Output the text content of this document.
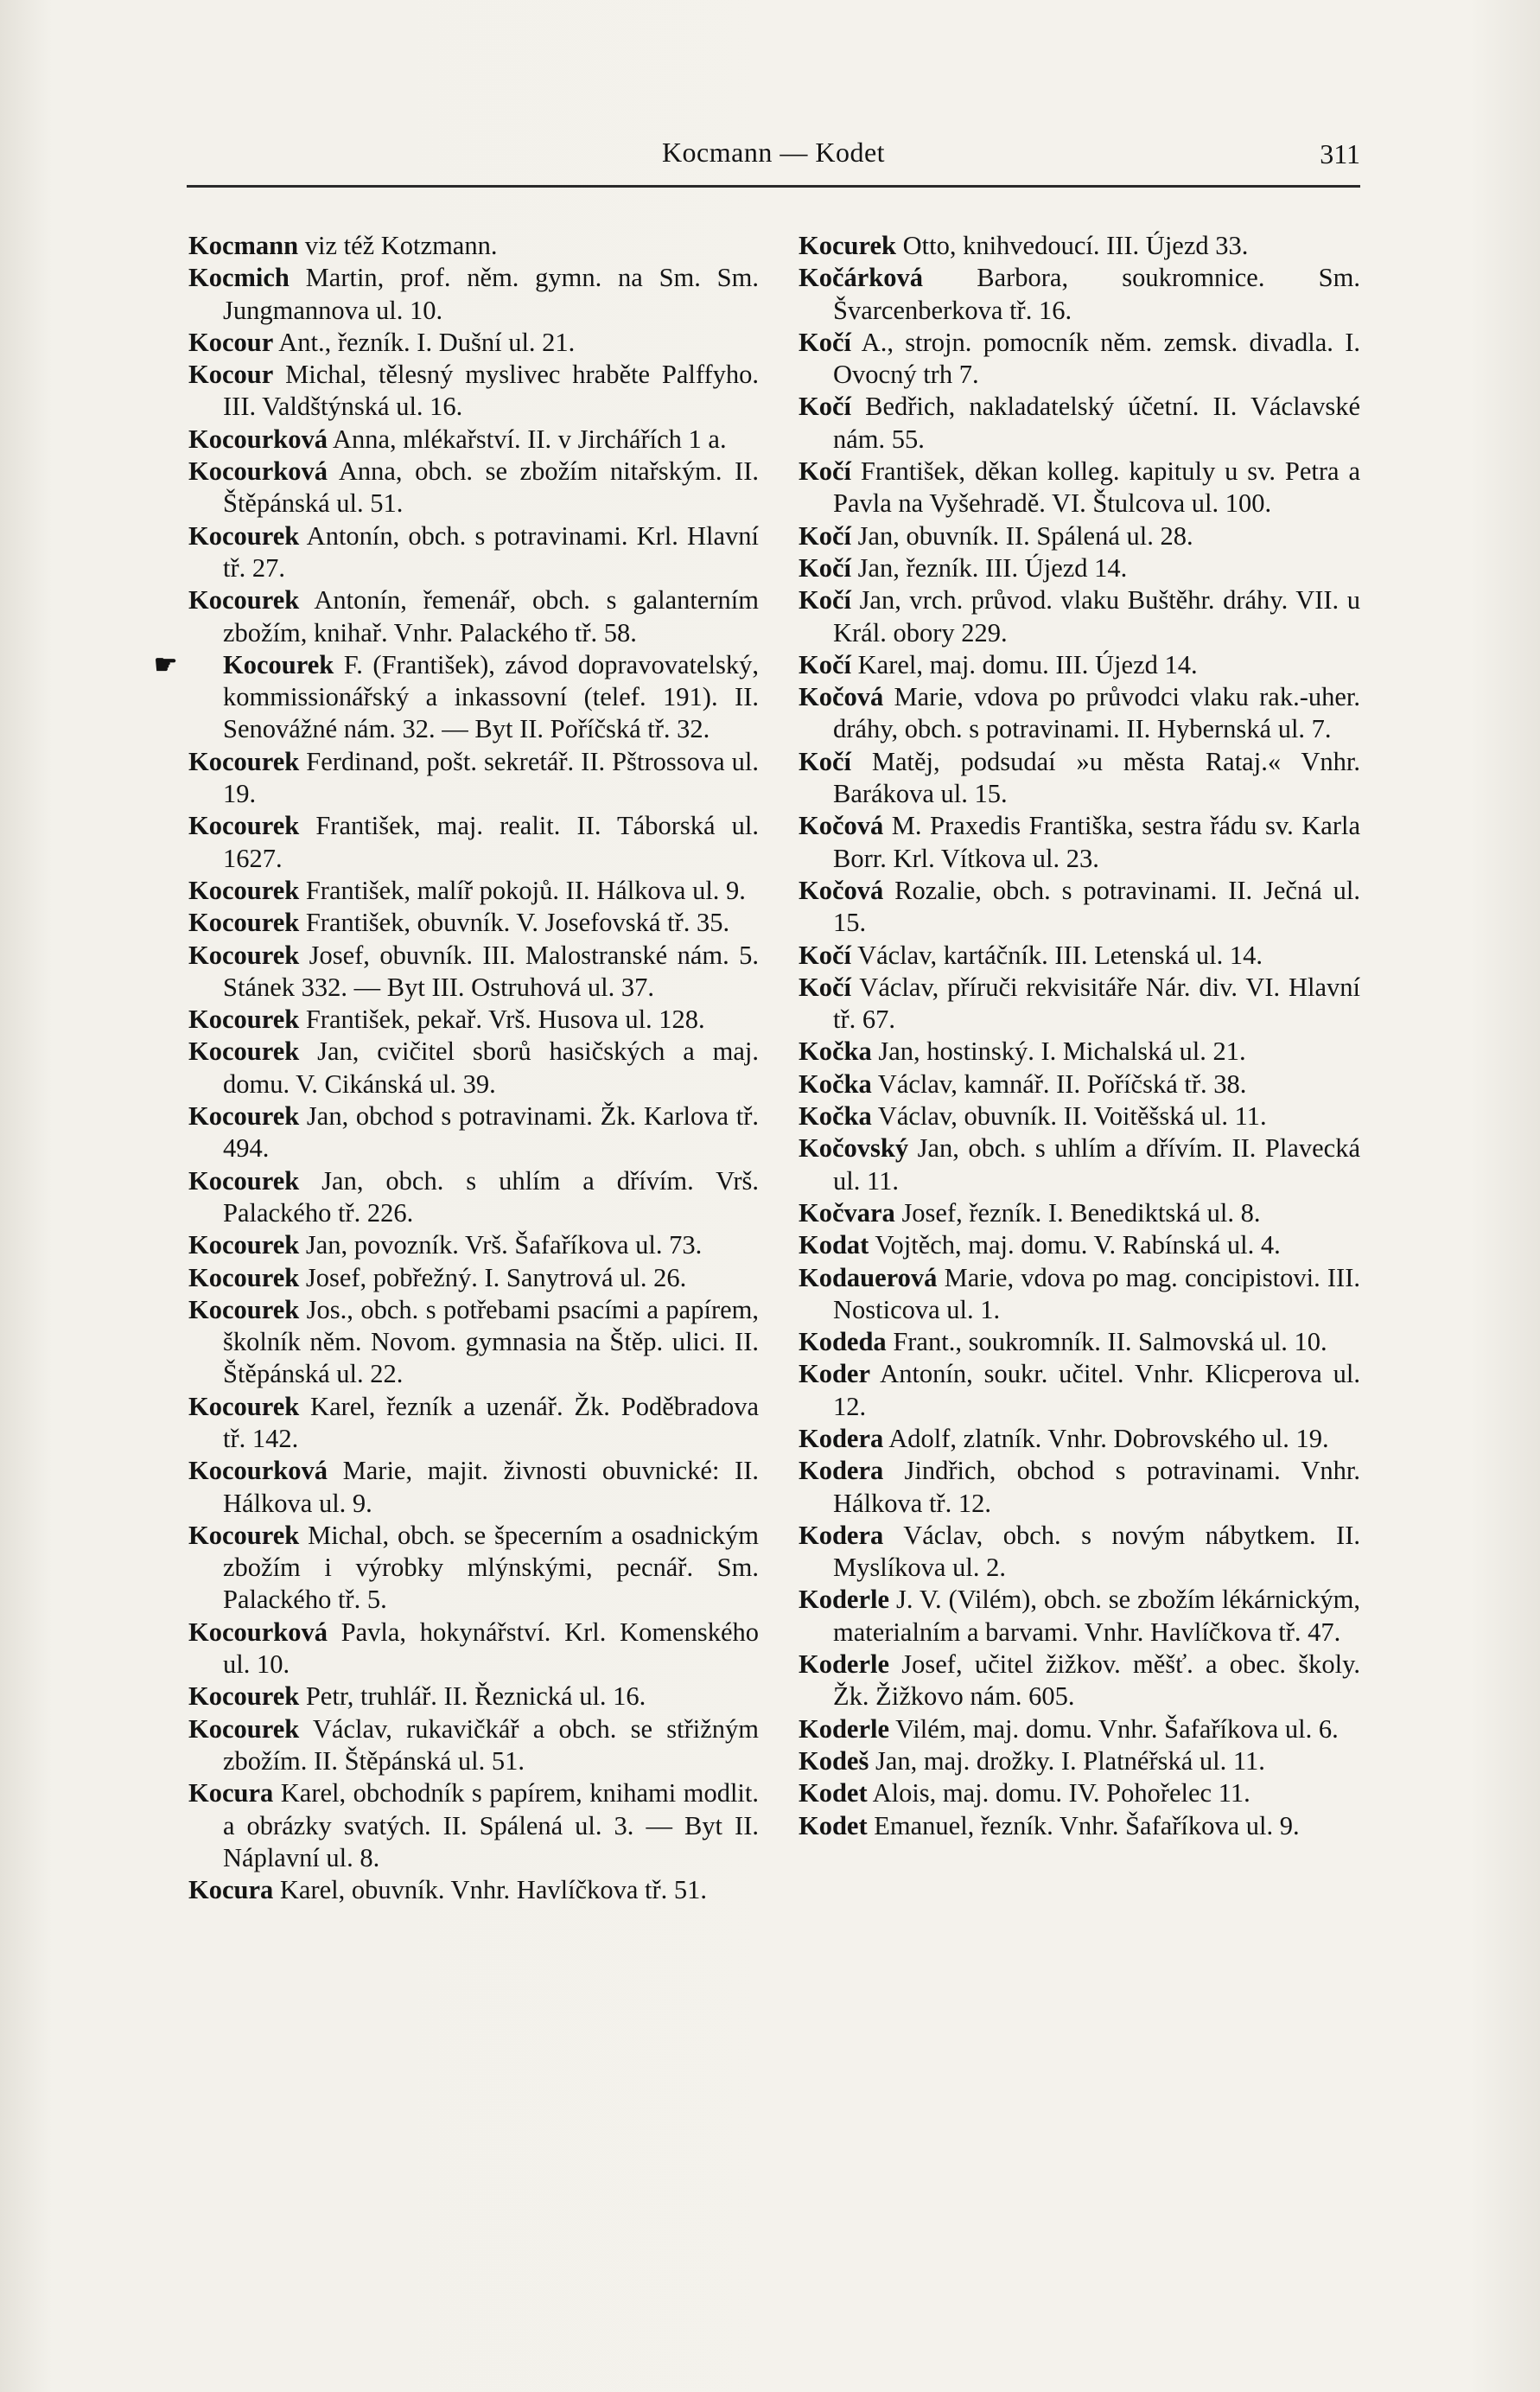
Kocmann — Kodet	311

Kocmann viz též Kotzmann.

Kocmich Martin, prof. něm. gymn. na Sm. Sm. Jungmannova ul. 10.

Kocour Ant., řezník. I. Dušní ul. 21.

Kocour Michal, tělesný myslivec hraběte Palffyho. III. Valdštýnská ul. 16.

Kocourková Anna, mlékařství. II. v Jirchářích 1 a.

Kocourková Anna, obch. se zbožím nitařským. II. Štěpánská ul. 51.

Kocourek Antonín, obch. s potravinami. Krl. Hlavní tř. 27.

Kocourek Antonín, řemenář, obch. s galanterním zbožím, knihař. Vnhr. Palackého tř. 58.

☛ Kocourek F. (František), závod dopravovatelský, kommissionářský a inkassovní (telef. 191). II. Senovážné nám. 32. — Byt II. Poříčská tř. 32.

Kocourek Ferdinand, pošt. sekretář. II. Pštrossova ul. 19.

Kocourek František, maj. realit. II. Táborská ul. 1627.

Kocourek František, malíř pokojů. II. Hálkova ul. 9.

Kocourek František, obuvník. V. Josefovská tř. 35.

Kocourek Josef, obuvník. III. Malostranské nám. 5. Stánek 332. — Byt III. Ostruhová ul. 37.

Kocourek František, pekař. Vrš. Husova ul. 128.

Kocourek Jan, cvičitel sborů hasičských a maj. domu. V. Cikánská ul. 39.

Kocourek Jan, obchod s potravinami. Žk. Karlova tř. 494.

Kocourek Jan, obch. s uhlím a dřívím. Vrš. Palackého tř. 226.

Kocourek Jan, povozník. Vrš. Šafaříkova ul. 73.

Kocourek Josef, pobřežný. I. Sanytrová ul. 26.

Kocourek Jos., obch. s potřebami psacími a papírem, školník něm. Novom. gymnasia na Štěp. ulici. II. Štěpánská ul. 22.

Kocourek Karel, řezník a uzenář. Žk. Poděbradova tř. 142.

Kocourková Marie, majit. živnosti obuvnické: II. Hálkova ul. 9.

Kocourek Michal, obch. se špecerním a osadnickým zbožím i výrobky mlýnskými, pecnář. Sm. Palackého tř. 5.

Kocourková Pavla, hokynářství. Krl. Komenského ul. 10.

Kocourek Petr, truhlář. II. Řeznická ul. 16.

Kocourek Václav, rukavičkář a obch. se střižným zbožím. II. Štěpánská ul. 51.

Kocura Karel, obchodník s papírem, knihami modlit. a obrázky svatých. II. Spálená ul. 3. — Byt II. Náplavní ul. 8.

Kocura Karel, obuvník. Vnhr. Havlíčkova tř. 51.

Kocurek Otto, knihvedoucí. III. Újezd 33.

Kočárková Barbora, soukromnice. Sm. Švarcenberkova tř. 16.

Kočí A., strojn. pomocník něm. zemsk. divadla. I. Ovocný trh 7.

Kočí Bedřich, nakladatelský účetní. II. Václavské nám. 55.

Kočí František, děkan kolleg. kapituly u sv. Petra a Pavla na Vyšehradě. VI. Štulcova ul. 100.

Kočí Jan, obuvník. II. Spálená ul. 28.

Kočí Jan, řezník. III. Újezd 14.

Kočí Jan, vrch. průvod. vlaku Buštěhr. dráhy. VII. u Král. obory 229.

Kočí Karel, maj. domu. III. Újezd 14.

Kočová Marie, vdova po průvodci vlaku rak.-uher. dráhy, obch. s potravinami. II. Hybernská ul. 7.

Kočí Matěj, podsudaí »u města Rataj.« Vnhr. Barákova ul. 15.

Kočová M. Praxedis Františka, sestra řádu sv. Karla Borr. Krl. Vítkova ul. 23.

Kočová Rozalie, obch. s potravinami. II. Ječná ul. 15.

Kočí Václav, kartáčník. III. Letenská ul. 14.

Kočí Václav, příruči rekvisitáře Nár. div. VI. Hlavní tř. 67.

Kočka Jan, hostinský. I. Michalská ul. 21.

Kočka Václav, kamnář. II. Poříčská tř. 38.

Kočka Václav, obuvník. II. Voitěšská ul. 11.

Kočovský Jan, obch. s uhlím a dřívím. II. Plavecká ul. 11.

Kočvara Josef, řezník. I. Benediktská ul. 8.

Kodat Vojtěch, maj. domu. V. Rabínská ul. 4.

Kodauerová Marie, vdova po mag. concipistovi. III. Nosticova ul. 1.

Kodeda Frant., soukromník. II. Salmovská ul. 10.

Koder Antonín, soukr. učitel. Vnhr. Klicperova ul. 12.

Kodera Adolf, zlatník. Vnhr. Dobrovského ul. 19.

Kodera Jindřich, obchod s potravinami. Vnhr. Hálkova tř. 12.

Kodera Václav, obch. s novým nábytkem. II. Myslíkova ul. 2.

Koderle J. V. (Vilém), obch. se zbožím lékárnickým, materialním a barvami. Vnhr. Havlíčkova tř. 47.

Koderle Josef, učitel žižkov. měšť. a obec. školy. Žk. Žižkovo nám. 605.

Koderle Vilém, maj. domu. Vnhr. Šafaříkova ul. 6.

Kodeš Jan, maj. drožky. I. Platnéřská ul. 11.

Kodet Alois, maj. domu. IV. Pohořelec 11.

Kodet Emanuel, řezník. Vnhr. Šafaříkova ul. 9.
